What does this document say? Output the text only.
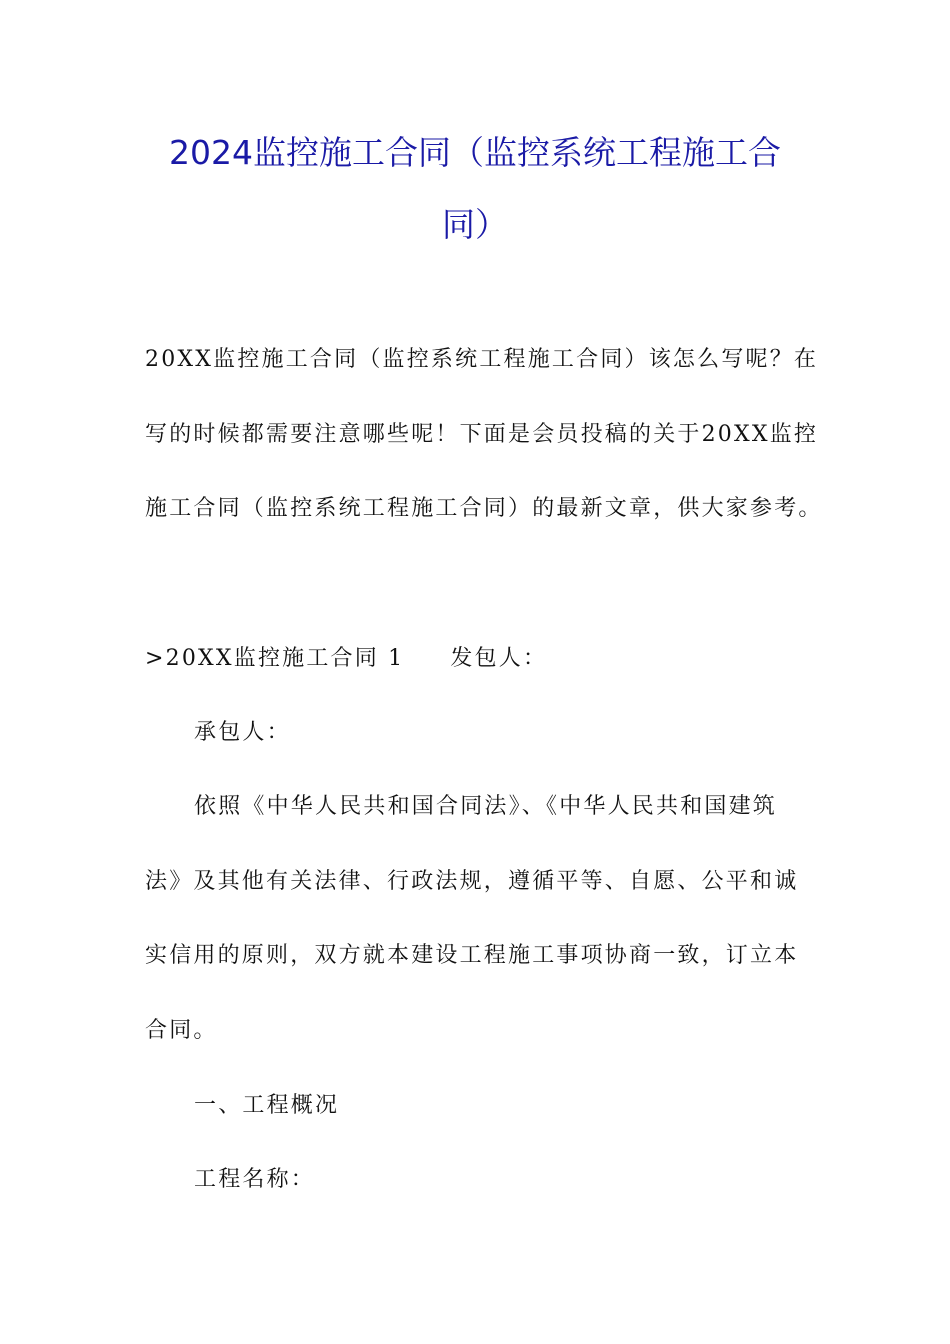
2024监控施工合同（监控系统工程施工合
同）
20XX监控施工合同（监控系统工程施工合同）该怎么写呢？在
写的时候都需要注意哪些呢！下面是会员投稿的关于20XX监控
施工合同（监控系统工程施工合同）的最新文章，供大家参考。
>20XX监控施工合同 1 发包人：
承包人：
依照《中华人民共和国合同法》、《中华人民共和国建筑
法》及其他有关法律、行政法规，遵循平等、自愿、公平和诚
实信用的原则，双方就本建设工程施工事项协商一致，订立本
合同。
一、工程概况
工程名称：
